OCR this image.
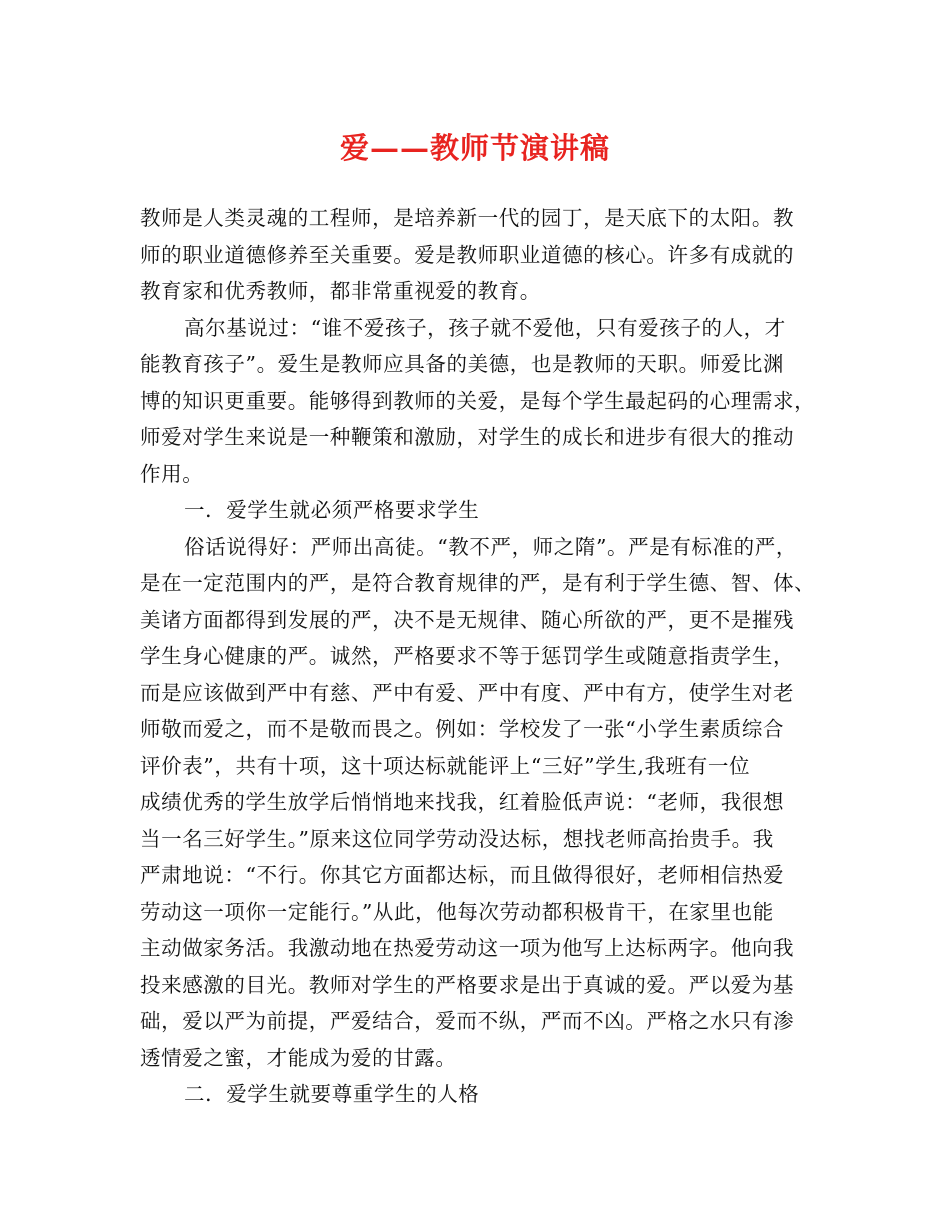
爱——教师节演讲稿
教师是人类灵魂的工程师，是培养新一代的园丁，是天底下的太阳。教
师的职业道德修养至关重要。爱是教师职业道德的核心。许多有成就的
教育家和优秀教师，都非常重视爱的教育。
高尔基说过：“谁不爱孩子，孩子就不爱他，只有爱孩子的人，才
能教育孩子”。爱生是教师应具备的美德，也是教师的天职。师爱比渊
博的知识更重要。能够得到教师的关爱，是每个学生最起码的心理需求，
师爱对学生来说是一种鞭策和激励，对学生的成长和进步有很大的推动
作用。
一．爱学生就必须严格要求学生
俗话说得好：严师出高徒。“教不严，师之隋”。严是有标准的严，
是在一定范围内的严，是符合教育规律的严，是有利于学生德、智、体、
美诸方面都得到发展的严，决不是无规律、随心所欲的严，更不是摧残
学生身心健康的严。诚然，严格要求不等于惩罚学生或随意指责学生，
而是应该做到严中有慈、严中有爱、严中有度、严中有方，使学生对老
师敬而爱之，而不是敬而畏之。例如：学校发了一张“小学生素质综合
评价表”，共有十项，这十项达标就能评上“三好”学生,我班有一位
成绩优秀的学生放学后悄悄地来找我，红着脸低声说：“老师，我很想
当一名三好学生。”原来这位同学劳动没达标，想找老师高抬贵手。我
严肃地说：“不行。你其它方面都达标，而且做得很好，老师相信热爱
劳动这一项你一定能行。”从此，他每次劳动都积极肯干，在家里也能
主动做家务活。我激动地在热爱劳动这一项为他写上达标两字。他向我
投来感激的目光。教师对学生的严格要求是出于真诚的爱。严以爱为基
础，爱以严为前提，严爱结合，爱而不纵，严而不凶。严格之水只有渗
透情爱之蜜，才能成为爱的甘露。
二．爱学生就要尊重学生的人格
